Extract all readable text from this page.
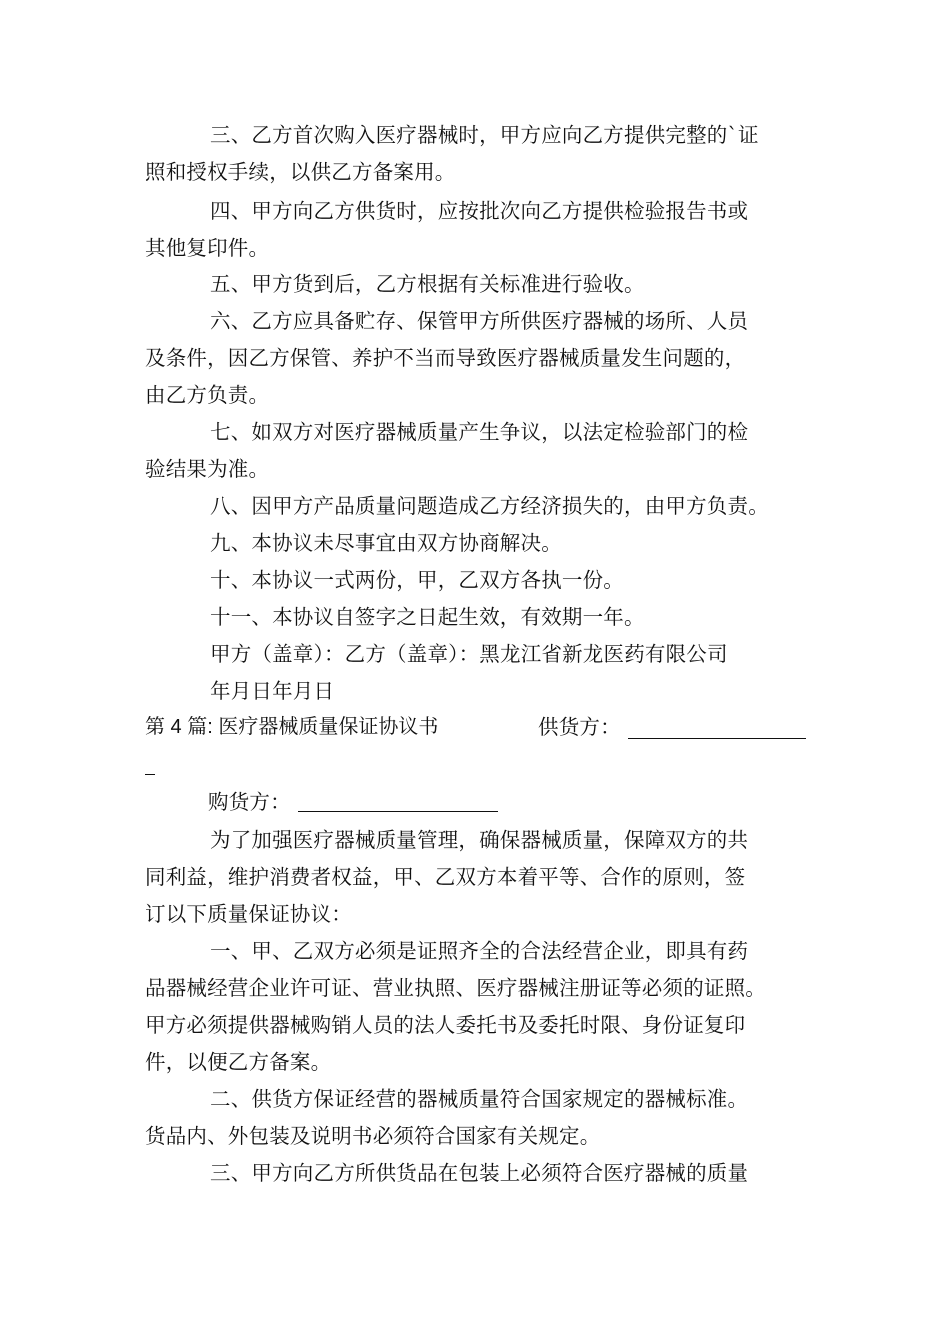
三、乙方首次购入医疗器械时，甲方应向乙方提供完整的`证
照和授权手续，以供乙方备案用。
四、甲方向乙方供货时，应按批次向乙方提供检验报告书或
其他复印件。
五、甲方货到后，乙方根据有关标准进行验收。
六、乙方应具备贮存、保管甲方所供医疗器械的场所、人员
及条件，因乙方保管、养护不当而导致医疗器械质量发生问题的，
由乙方负责。
七、如双方对医疗器械质量产生争议，以法定检验部门的检
验结果为准。
八、因甲方产品质量问题造成乙方经济损失的，由甲方负责。
九、本协议未尽事宜由双方协商解决。
十、本协议一式两份，甲，乙双方各执一份。
十一、本协议自签字之日起生效，有效期一年。
甲方（盖章）：乙方（盖章）：黑龙江省新龙医药有限公司
年月日年月日
第 4 篇: 医疗器械质量保证协议书	供货方：
购货方：
为了加强医疗器械质量管理，确保器械质量，保障双方的共
同利益，维护消费者权益，甲、乙双方本着平等、合作的原则，签
订以下质量保证协议：
一、甲、乙双方必须是证照齐全的合法经营企业，即具有药
品器械经营企业许可证、营业执照、医疗器械注册证等必须的证照。
甲方必须提供器械购销人员的法人委托书及委托时限、身份证复印
件，以便乙方备案。
二、供货方保证经营的器械质量符合国家规定的器械标准。
货品内、外包装及说明书必须符合国家有关规定。
三、甲方向乙方所供货品在包装上必须符合医疗器械的质量
